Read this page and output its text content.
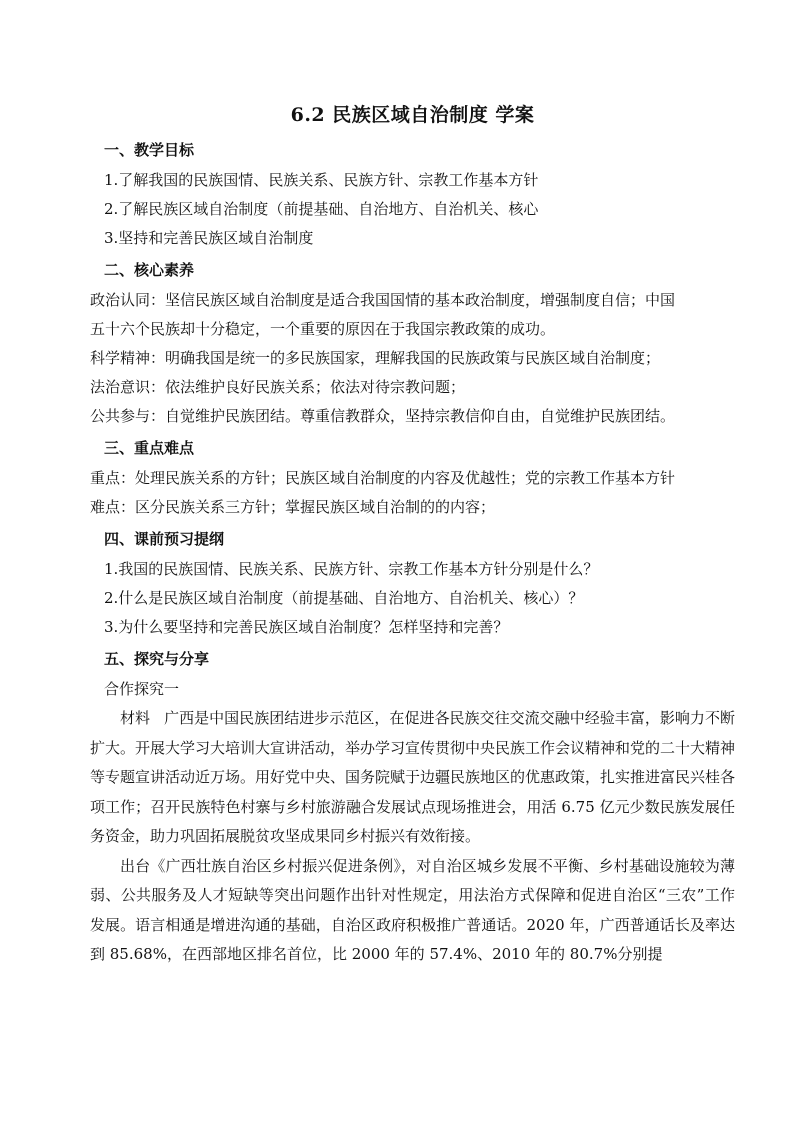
6.2 民族区域自治制度 学案
一、教学目标
1.了解我国的民族国情、民族关系、民族方针、宗教工作基本方针
2.了解民族区域自治制度（前提基础、自治地方、自治机关、核心
3.坚持和完善民族区域自治制度
二、核心素养
政治认同：坚信民族区域自治制度是适合我国国情的基本政治制度，增强制度自信；中国
五十六个民族却十分稳定，一个重要的原因在于我国宗教政策的成功。
科学精神：明确我国是统一的多民族国家，理解我国的民族政策与民族区域自治制度；
法治意识：依法维护良好民族关系；依法对待宗教问题；
公共参与：自觉维护民族团结。尊重信教群众，坚持宗教信仰自由，自觉维护民族团结。
三、重点难点
重点：处理民族关系的方针；民族区域自治制度的内容及优越性；党的宗教工作基本方针
难点：区分民族关系三方针；掌握民族区域自治制的的内容；
四、课前预习提纲
1.我国的民族国情、民族关系、民族方针、宗教工作基本方针分别是什么？
2.什么是民族区域自治制度（前提基础、自治地方、自治机关、核心）？
3.为什么要坚持和完善民族区域自治制度？怎样坚持和完善？
五、探究与分享
合作探究一

材料 广西是中国民族团结进步示范区，在促进各民族交往交流交融中经验丰富，影响力不断扩大。开展大学习大培训大宣讲活动，举办学习宣传贯彻中央民族工作会议精神和党的二十大精神等专题宣讲活动近万场。用好党中央、国务院赋于边疆民族地区的优惠政策，扎实推进富民兴桂各项工作；召开民族特色村寨与乡村旅游融合发展试点现场推进会，用活 6.75 亿元少数民族发展任务资金，助力巩固拓展脱贫攻坚成果同乡村振兴有效衔接。

出台《广西壮族自治区乡村振兴促进条例》，对自治区城乡发展不平衡、乡村基础设施较为薄弱、公共服务及人才短缺等突出问题作出针对性规定，用法治方式保障和促进自治区“三农”工作发展。语言相通是增进沟通的基础，自治区政府积极推广普通话。2020 年，广西普通话长及率达到 85.68%，在西部地区排名首位，比 2000 年的 57.4%、2010 年的 80.7%分别提
